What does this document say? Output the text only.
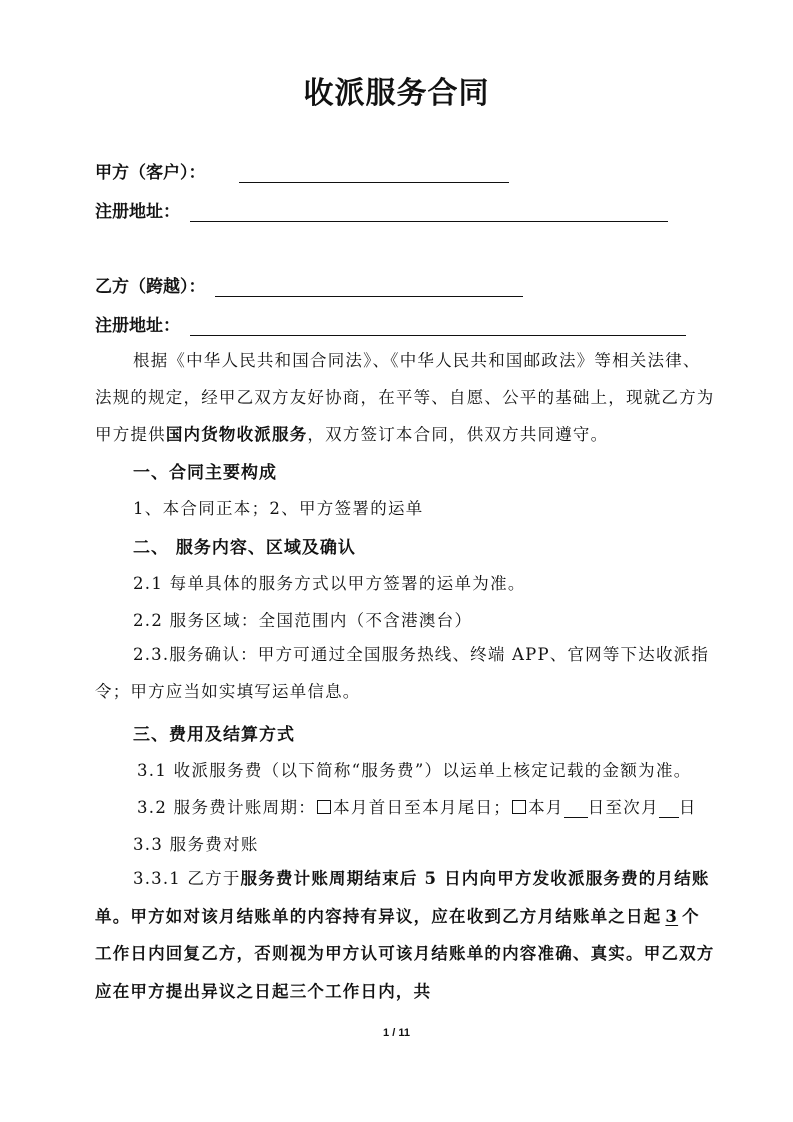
收派服务合同
甲方（客户）：
注册地址：
乙方（跨越）：
注册地址：
根据《中华人民共和国合同法》、《中华人民共和国邮政法》等相关法律、法规的规定，经甲乙双方友好协商，在平等、自愿、公平的基础上，现就乙方为甲方提供国内货物收派服务，双方签订本合同，供双方共同遵守。
一、合同主要构成
1、本合同正本；2、甲方签署的运单
二、 服务内容、区域及确认
2.1 每单具体的服务方式以甲方签署的运单为准。
2.2 服务区域：全国范围内（不含港澳台）
2.3.服务确认：甲方可通过全国服务热线、终端 APP、官网等下达收派指令；甲方应当如实填写运单信息。
三、费用及结算方式
3.1 收派服务费（以下简称“服务费”）以运单上核定记载的金额为准。
3.2 服务费计账周期： 本月首日至本月尾日； 本月 日至次月 日
3.3 服务费对账
3.3.1 乙方于服务费计账周期结束后 5 日内向甲方发收派服务费的月结账单。甲方如对该月结账单的内容持有异议，应在收到乙方月结账单之日起 3 个工作日内回复乙方，否则视为甲方认可该月结账单的内容准确、真实。甲乙双方应在甲方提出异议之日起三个工作日内，共
1 / 11
